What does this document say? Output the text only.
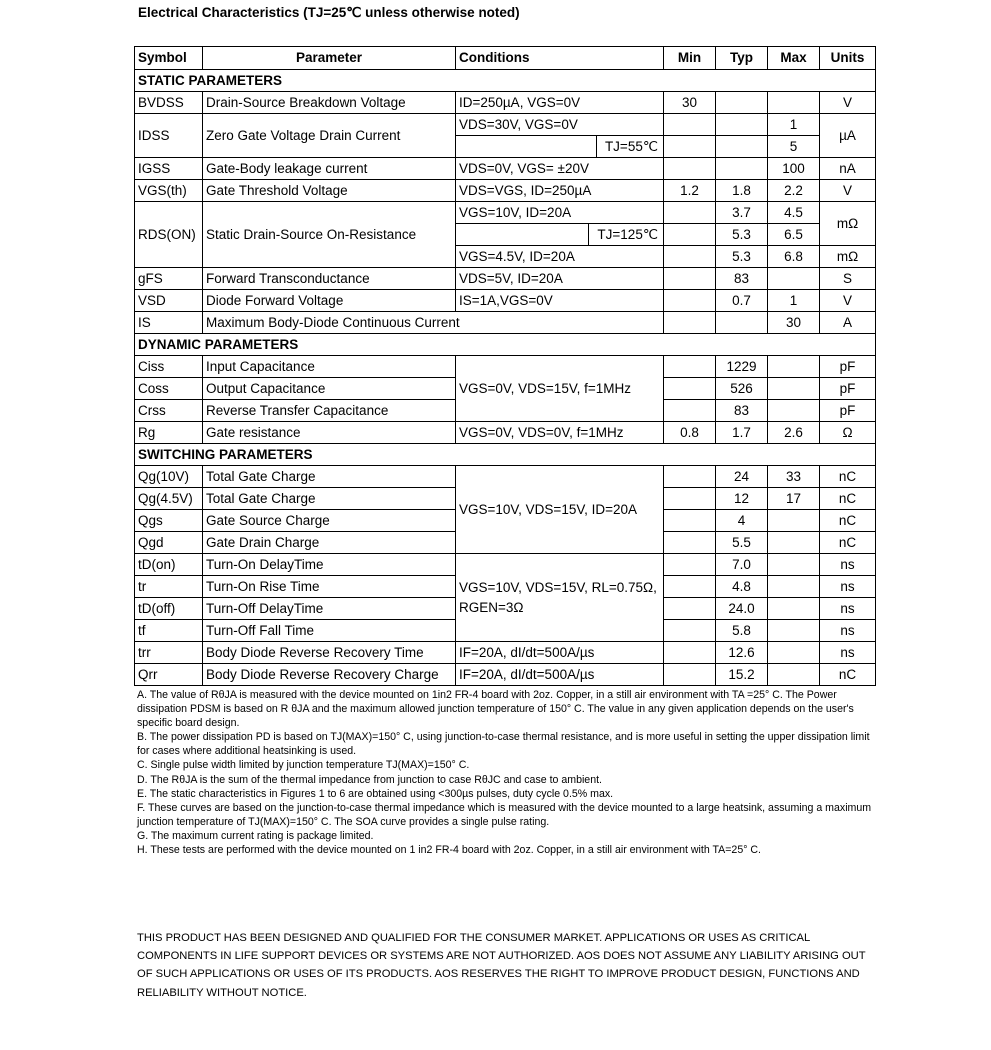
Electrical Characteristics (TJ=25℃ unless otherwise noted)
Symbol	Parameter	Conditions	Min	Typ	Max	Units
STATIC PARAMETERS						
BVDSS	Drain-Source Breakdown Voltage	ID=250µA, VGS=0V	30			V
IDSS	Zero Gate Voltage Drain Current	VDS=30V, VGS=0V			1	µA

		TJ=55℃			5	
IGSS	Gate-Body leakage current	VDS=0V, VGS= ±20V			100	nA
VGS(th)	Gate Threshold Voltage	VDS=VGS, ID=250µA	1.2	1.8	2.2	V
RDS(ON)	Static Drain-Source On-Resistance	VGS=10V, ID=20A		3.7	4.5	mΩ

		TJ=125℃		5.3	6.5	
		VGS=4.5V, ID=20A		5.3	6.8	mΩ
gFS	Forward Transconductance	VDS=5V, ID=20A		83		S
VSD	Diode Forward Voltage	IS=1A,VGS=0V		0.7	1	V
IS	Maximum Body-Diode Continuous Current				30	A
DYNAMIC PARAMETERS						
Ciss	Input Capacitance	VGS=0V, VDS=15V, f=1MHz		1229		pF
Coss	Output Capacitance			526		pF
Crss	Reverse Transfer Capacitance			83		pF
Rg	Gate resistance	VGS=0V, VDS=0V, f=1MHz	0.8	1.7	2.6	Ω
SWITCHING PARAMETERS						
Qg(10V)	Total Gate Charge	VGS=10V, VDS=15V, ID=20A		24	33	nC
Qg(4.5V)	Total Gate Charge			12	17	nC
Qgs	Gate Source Charge			4		nC
Qgd	Gate Drain Charge			5.5		nC
tD(on)	Turn-On DelayTime	VGS=10V, VDS=15V, RL=0.75Ω, RGEN=3Ω		7.0		ns
tr	Turn-On Rise Time			4.8		ns
tD(off)	Turn-Off DelayTime			24.0		ns
tf	Turn-Off Fall Time			5.8		ns
trr	Body Diode Reverse Recovery Time	IF=20A, dI/dt=500A/µs		12.6		ns
Qrr	Body Diode Reverse Recovery Charge	IF=20A, dI/dt=500A/µs		15.2		nC
A. The value of RθJA is measured with the device mounted on 1in2 FR-4 board with 2oz. Copper, in a still air environment with TA =25° C. The Power dissipation PDSM is based on R θJA and the maximum allowed junction temperature of 150° C. The value in any given application depends on the user's specific board design.
B. The power dissipation PD is based on TJ(MAX)=150° C, using junction-to-case thermal resistance, and is more useful in setting the upper dissipation limit for cases where additional heatsinking is used.
C. Single pulse width limited by junction temperature TJ(MAX)=150° C.
D. The RθJA is the sum of the thermal impedance from junction to case RθJC and case to ambient.
E. The static characteristics in Figures 1 to 6 are obtained using <300µs pulses, duty cycle 0.5% max.
F. These curves are based on the junction-to-case thermal impedance which is measured with the device mounted to a large heatsink, assuming a maximum junction temperature of TJ(MAX)=150° C. The SOA curve provides a single pulse rating.
G. The maximum current rating is package limited.
H. These tests are performed with the device mounted on 1 in2 FR-4 board with 2oz. Copper, in a still air environment with TA=25° C.
THIS PRODUCT HAS BEEN DESIGNED AND QUALIFIED FOR THE CONSUMER MARKET. APPLICATIONS OR USES AS CRITICAL COMPONENTS IN LIFE SUPPORT DEVICES OR SYSTEMS ARE NOT AUTHORIZED. AOS DOES NOT ASSUME ANY LIABILITY ARISING OUT OF SUCH APPLICATIONS OR USES OF ITS PRODUCTS. AOS RESERVES THE RIGHT TO IMPROVE PRODUCT DESIGN, FUNCTIONS AND RELIABILITY WITHOUT NOTICE.
